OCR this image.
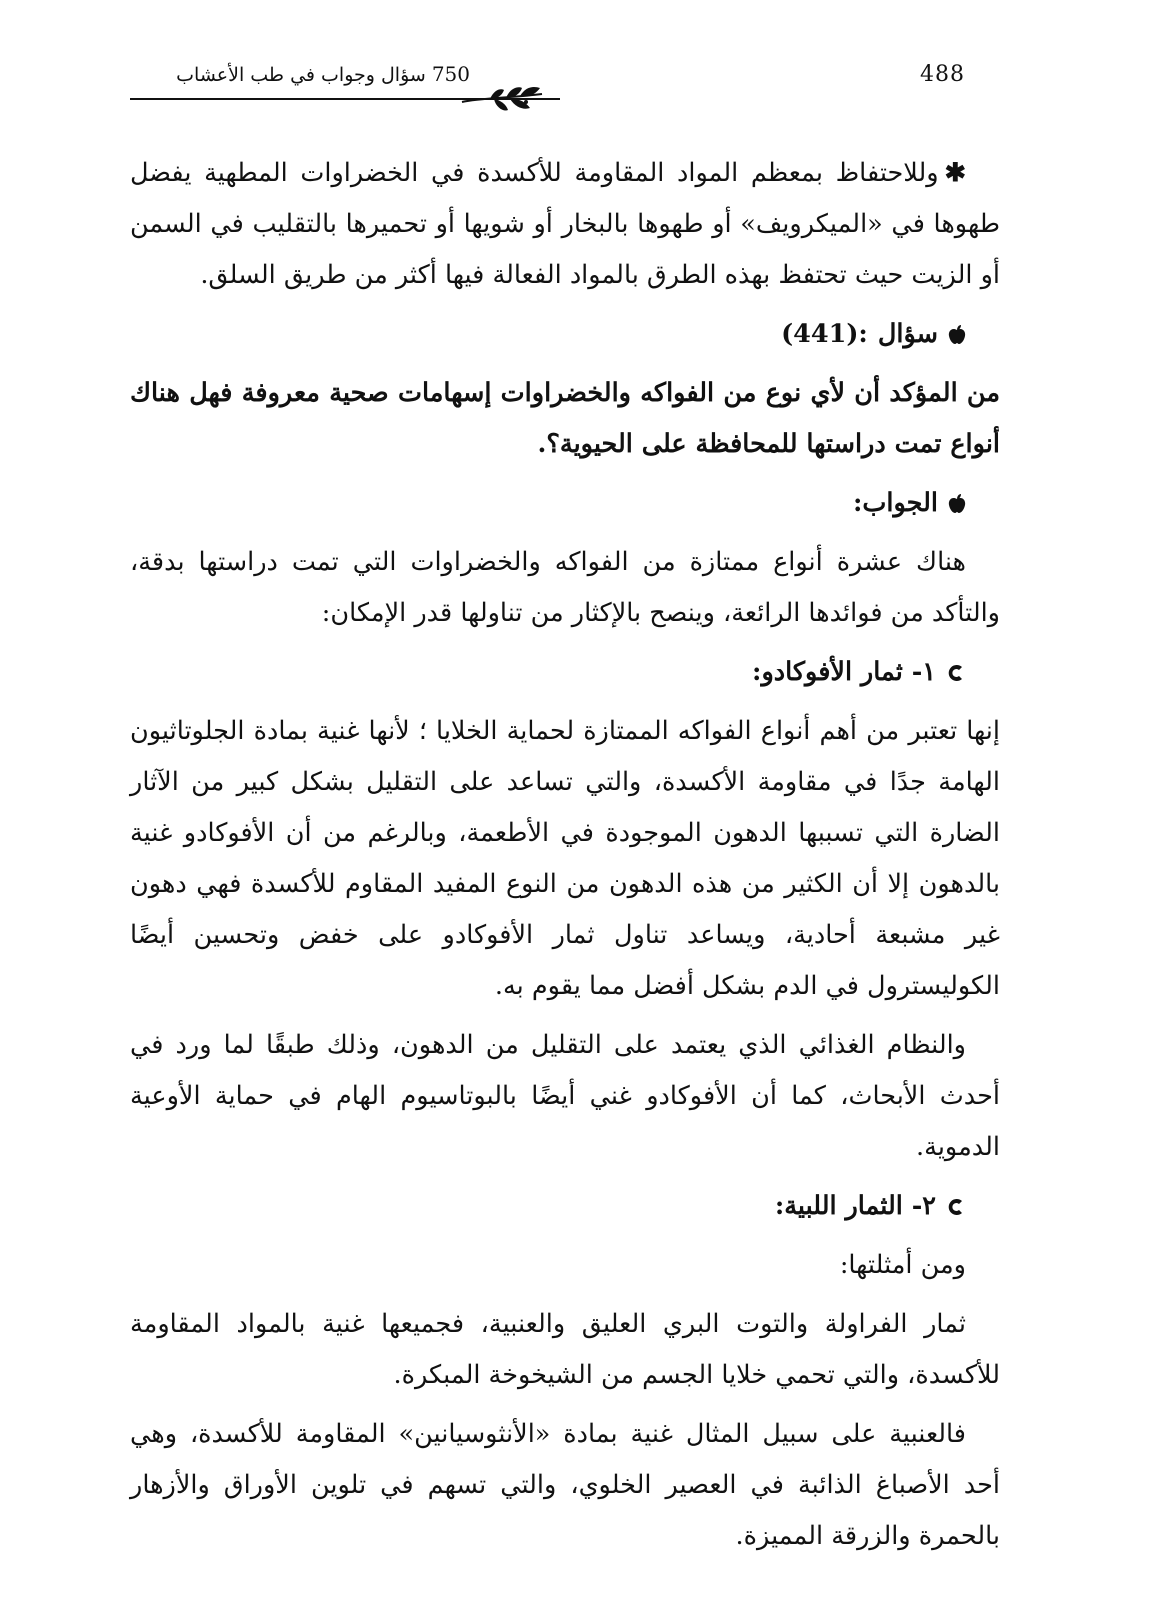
488
750سؤال وجواب في طب الأعشاب

✱وللاحتفاظ بمعظم المواد المقاومة للأكسدة في الخضراوات المطهية يفضل طهوها في «الميكرويف» أو طهوها بالبخار أو شويها أو تحميرها بالتقليب في السمن أو الزيت حيث تحتفظ بهذه الطرق بالمواد الفعالة فيها أكثر من طريق السلق.

سؤال
(441):

من المؤكد أن لأي نوع من الفواكه والخضراوات إسهامات صحية معروفة فهل هناك أنواع تمت دراستها للمحافظة على الحيوية؟.

الجواب:

هناك عشرة أنواع ممتازة من الفواكه والخضراوات التي تمت دراستها بدقة، والتأكد من فوائدها الرائعة، وينصح بالإكثار من تناولها قدر الإمكان:

١- ثمار الأفوكادو:

إنها تعتبر من أهم أنواع الفواكه الممتازة لحماية الخلايا ؛ لأنها غنية بمادة الجلوتاثيون الهامة جدًا في مقاومة الأكسدة، والتي تساعد على التقليل بشكل كبير من الآثار الضارة التي تسببها الدهون الموجودة في الأطعمة، وبالرغم من أن الأفوكادو غنية بالدهون إلا أن الكثير من هذه الدهون من النوع المفيد المقاوم للأكسدة فهي دهون غير مشبعة أحادية، ويساعد تناول ثمار الأفوكادو على خفض وتحسين أيضًا الكوليسترول في الدم بشكل أفضل مما يقوم به.

والنظام الغذائي الذي يعتمد على التقليل من الدهون، وذلك طبقًا لما ورد في أحدث الأبحاث، كما أن الأفوكادو غني أيضًا بالبوتاسيوم الهام في حماية الأوعية الدموية.

٢- الثمار اللبية:

ومن أمثلتها:

ثمار الفراولة والتوت البري العليق والعنبية، فجميعها غنية بالمواد المقاومة للأكسدة، والتي تحمي خلايا الجسم من الشيخوخة المبكرة.

فالعنبية على سبيل المثال غنية بمادة «الأنثوسيانين» المقاومة للأكسدة، وهي أحد الأصباغ الذائبة في العصير الخلوي، والتي تسهم في تلوين الأوراق والأزهار بالحمرة والزرقة المميزة.
